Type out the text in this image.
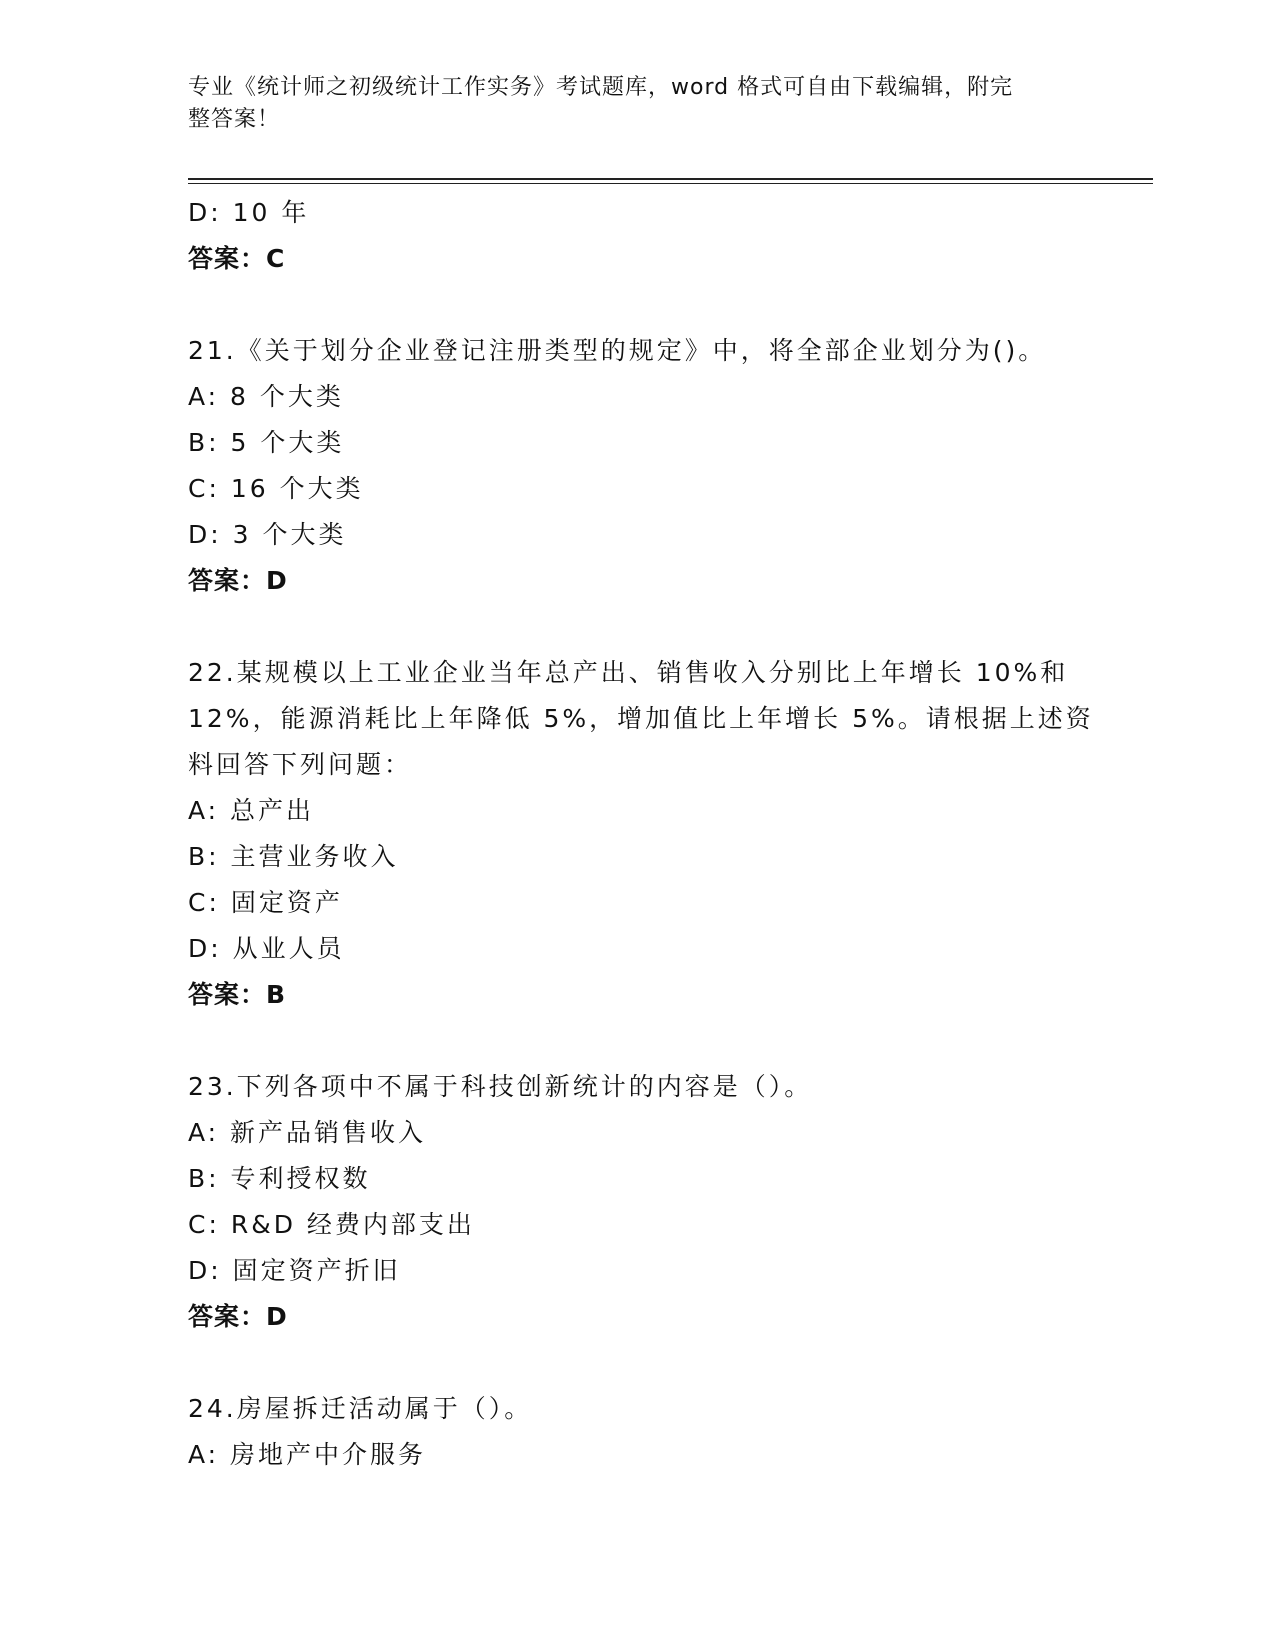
专业《统计师之初级统计工作实务》考试题库，word 格式可自由下载编辑，附完
整答案！
D: 10 年
答案：C
21.《关于划分企业登记注册类型的规定》中，将全部企业划分为()。
A: 8 个大类
B: 5 个大类
C: 16 个大类
D: 3 个大类
答案：D
22.某规模以上工业企业当年总产出、销售收入分别比上年增长 10%和
12%，能源消耗比上年降低 5%，增加值比上年增长 5%。请根据上述资
料回答下列问题：
A: 总产出
B: 主营业务收入
C: 固定资产
D: 从业人员
答案：B
23.下列各项中不属于科技创新统计的内容是（）。
A: 新产品销售收入
B: 专利授权数
C: R&D 经费内部支出
D: 固定资产折旧
答案：D
24.房屋拆迁活动属于（）。
A: 房地产中介服务
